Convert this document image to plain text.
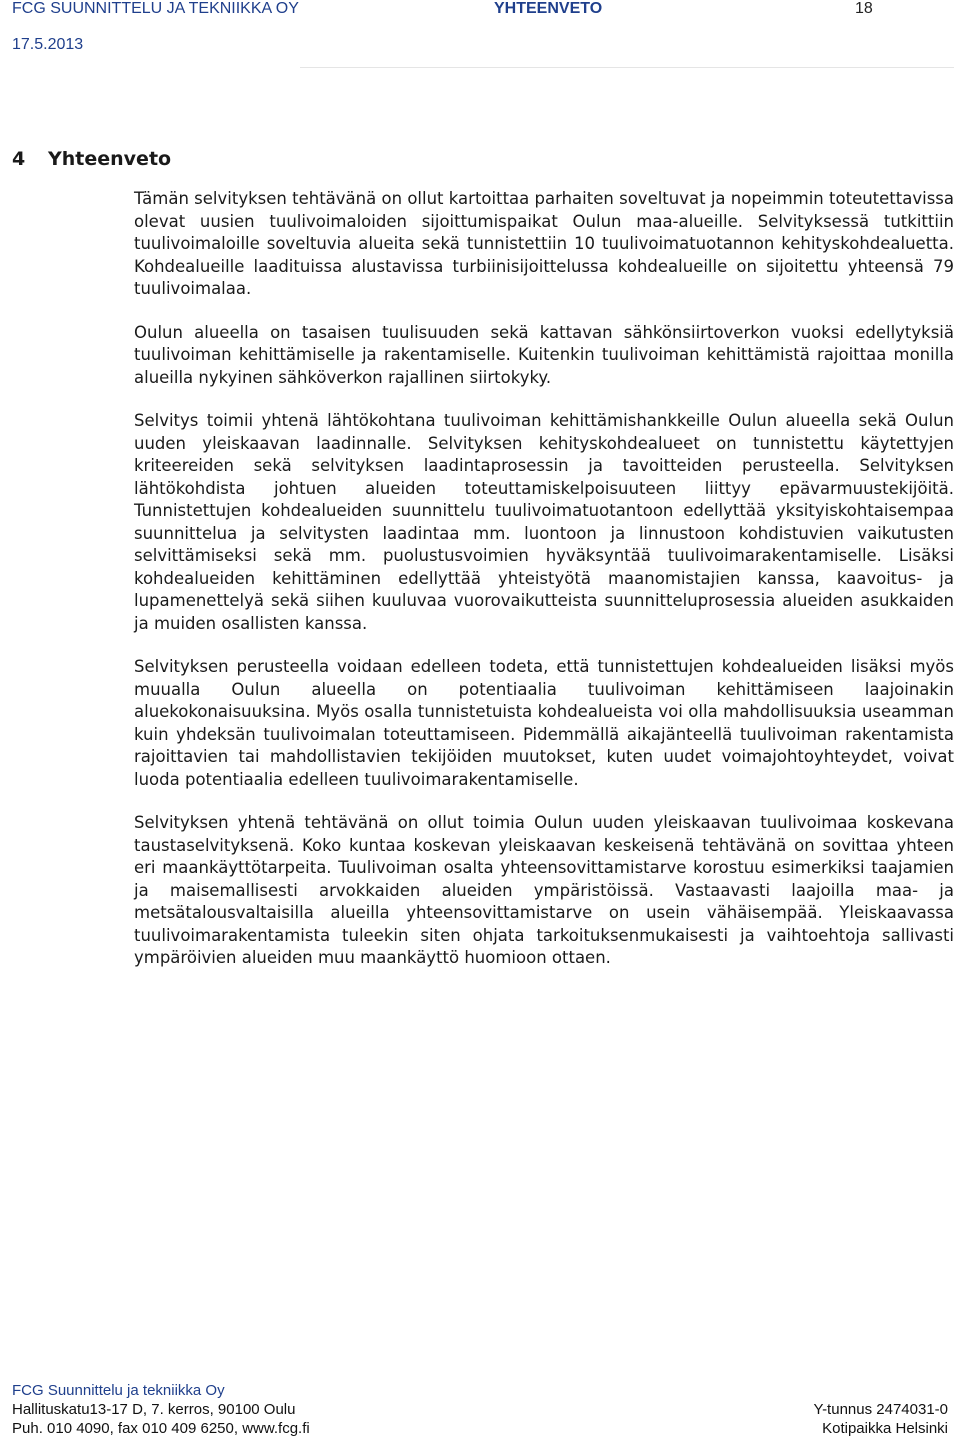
FCG SUUNNITTELU JA TEKNIIKKA OY	YHTEENVETO	18
17.5.2013
4 Yhteenveto

Tämän selvityksen tehtävänä on ollut kartoittaa parhaiten soveltuvat ja nopeimmin toteutettavissa olevat uusien tuulivoimaloiden sijoittumispaikat Oulun maa-alueille. Selvityksessä tutkittiin tuulivoimaloille soveltuvia alueita sekä tunnistettiin 10 tuulivoimatuotannon kehityskohdealuetta. Kohdealueille laadituissa alustavissa turbiinisijoittelussa kohdealueille on sijoitettu yhteensä 79 tuulivoimalaa.

Oulun alueella on tasaisen tuulisuuden sekä kattavan sähkönsiirtoverkon vuoksi edellytyksiä tuulivoiman kehittämiselle ja rakentamiselle. Kuitenkin tuulivoiman kehittämistä rajoittaa monilla alueilla nykyinen sähköverkon rajallinen siirtokyky.

Selvitys toimii yhtenä lähtökohtana tuulivoiman kehittämishankkeille Oulun alueella sekä Oulun uuden yleiskaavan laadinnalle. Selvityksen kehityskohdealueet on tunnistettu käytettyjen kriteereiden sekä selvityksen laadintaprosessin ja tavoitteiden perusteella. Selvityksen lähtökohdista johtuen alueiden toteuttamiskelpoisuuteen liittyy epävarmuustekijöitä. Tunnistettujen kohdealueiden suunnittelu tuulivoimatuotantoon edellyttää yksityiskohtaisempaa suunnittelua ja selvitysten laadintaa mm. luontoon ja linnustoon kohdistuvien vaikutusten selvittämiseksi sekä mm. puolustusvoimien hyväksyntää tuulivoimarakentamiselle. Lisäksi kohdealueiden kehittäminen edellyttää yhteistyötä maanomistajien kanssa, kaavoitus- ja lupamenettelyä sekä siihen kuuluvaa vuorovaikutteista suunnitteluprosessia alueiden asukkaiden ja muiden osallisten kanssa.

Selvityksen perusteella voidaan edelleen todeta, että tunnistettujen kohdealueiden lisäksi myös muualla Oulun alueella on potentiaalia tuulivoiman kehittämiseen laajoinakin aluekokonaisuuksina. Myös osalla tunnistetuista kohdealueista voi olla mahdollisuuksia useamman kuin yhdeksän tuulivoimalan toteuttamiseen. Pidemmällä aikajänteellä tuulivoiman rakentamista rajoittavien tai mahdollistavien tekijöiden muutokset, kuten uudet voimajohtoyhteydet, voivat luoda potentiaalia edelleen tuulivoimarakentamiselle.

Selvityksen yhtenä tehtävänä on ollut toimia Oulun uuden yleiskaavan tuulivoimaa koskevana taustaselvityksenä. Koko kuntaa koskevan yleiskaavan keskeisenä tehtävänä on sovittaa yhteen eri maankäyttötarpeita. Tuulivoiman osalta yhteensovittamistarve korostuu esimerkiksi taajamien ja maisemallisesti arvokkaiden alueiden ympäristöissä. Vastaavasti laajoilla maa- ja metsätalousvaltaisilla alueilla yhteensovittamistarve on usein vähäisempää. Yleiskaavassa tuulivoimarakentamista tuleekin siten ohjata tarkoituksenmukaisesti ja vaihtoehtoja sallivasti ympäröivien alueiden muu maankäyttö huomioon ottaen.

FCG Suunnittelu ja tekniikka Oy
Hallituskatu13-17 D, 7. kerros, 90100 Oulu
Puh. 010 4090, fax 010 409 6250, www.fcg.fi
Y-tunnus 2474031-0
Kotipaikka Helsinki
